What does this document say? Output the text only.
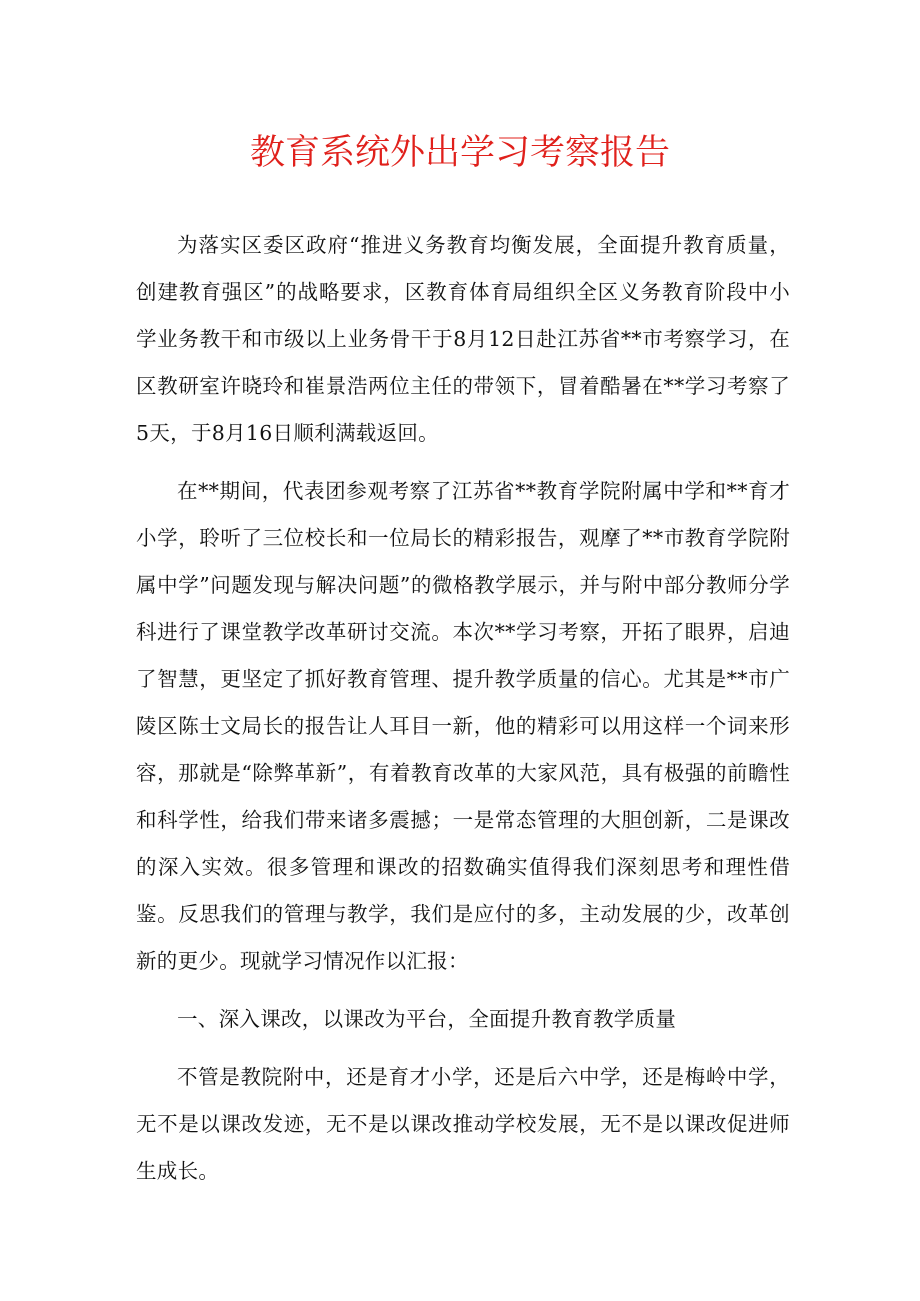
教育系统外出学习考察报告

为落实区委区政府“推进义务教育均衡发展，全面提升教育质量，创建教育强区”的战略要求，区教育体育局组织全区义务教育阶段中小学业务教干和市级以上业务骨干于8月12日赴江苏省**市考察学习，在区教研室许晓玲和崔景浩两位主任的带领下，冒着酷暑在**学习考察了5天，于8月16日顺利满载返回。

在**期间，代表团参观考察了江苏省**教育学院附属中学和**育才小学，聆听了三位校长和一位局长的精彩报告，观摩了**市教育学院附属中学”问题发现与解决问题”的微格教学展示，并与附中部分教师分学科进行了课堂教学改革研讨交流。本次**学习考察，开拓了眼界，启迪了智慧，更坚定了抓好教育管理、提升教学质量的信心。尤其是**市广陵区陈士文局长的报告让人耳目一新，他的精彩可以用这样一个词来形容，那就是“除弊革新”，有着教育改革的大家风范，具有极强的前瞻性和科学性，给我们带来诸多震撼；一是常态管理的大胆创新，二是课改的深入实效。很多管理和课改的招数确实值得我们深刻思考和理性借鉴。反思我们的管理与教学，我们是应付的多，主动发展的少，改革创新的更少。现就学习情况作以汇报：

一、深入课改，以课改为平台，全面提升教育教学质量

不管是教院附中，还是育才小学，还是后六中学，还是梅岭中学，无不是以课改发迹，无不是以课改推动学校发展，无不是以课改促进师生成长。
